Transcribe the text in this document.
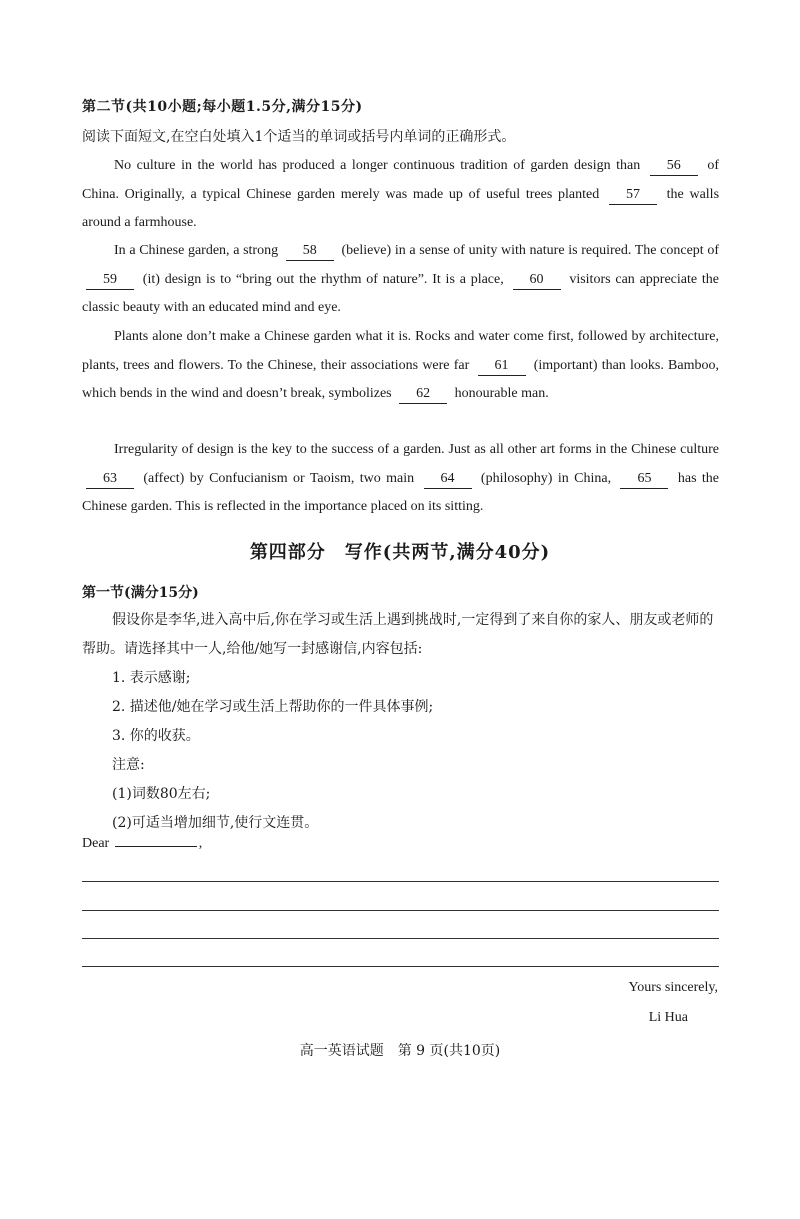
第二节(共10小题;每小题1.5分,满分15分)
阅读下面短文,在空白处填入1个适当的单词或括号内单词的正确形式。

No culture in the world has produced a longer continuous tradition of garden design than 56 of China. Originally, a typical Chinese garden merely was made up of useful trees planted 57 the walls around a farmhouse.

In a Chinese garden, a strong 58 (believe) in a sense of unity with nature is required. The concept of 59 (it) design is to “bring out the rhythm of nature”. It is a place, 60 visitors can appreciate the classic beauty with an educated mind and eye.

Plants alone don’t make a Chinese garden what it is. Rocks and water come first, followed by architecture, plants, trees and flowers. To the Chinese, their associations were far 61 (important) than looks. Bamboo, which bends in the wind and doesn’t break, symbolizes 62 honourable man.

Irregularity of design is the key to the success of a garden. Just as all other art forms in the Chinese culture 63 (affect) by Confucianism or Taoism, two main 64 (philosophy) in China, 65 has the Chinese garden. This is reflected in the importance placed on its sitting.

第四部分　写作(共两节,满分40分)
第一节(满分15分)

假设你是李华,进入高中后,你在学习或生活上遇到挑战时,一定得到了来自你的家人、朋友或老师的帮助。请选择其中一人,给他/她写一封感谢信,内容包括:

1. 表示感谢;

2. 描述他/她在学习或生活上帮助你的一件具体事例;

3. 你的收获。

注意:

(1)词数80左右;

(2)可适当增加细节,使行文连贯。

Dear	,
Yours sincerely,
Li Hua
高一英语试题　第 9 页(共10页)
